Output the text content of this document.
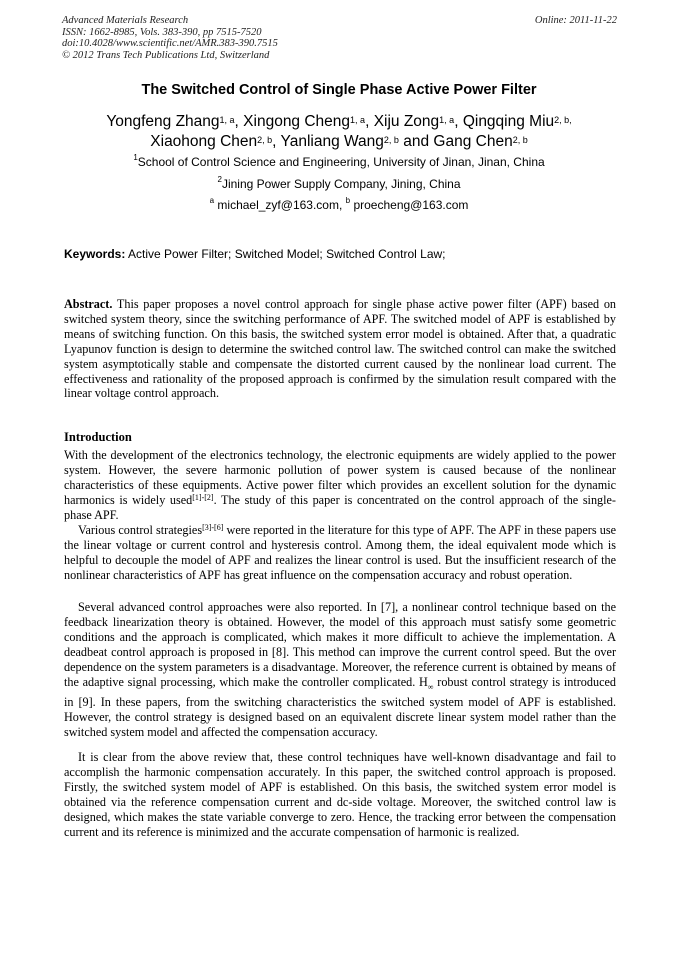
Advanced Materials Research
ISSN: 1662-8985, Vols. 383-390, pp 7515-7520
doi:10.4028/www.scientific.net/AMR.383-390.7515
© 2012 Trans Tech Publications Ltd, Switzerland
Online: 2011-11-22
The Switched Control of Single Phase Active Power Filter
Yongfeng Zhang$^{1, a}$, Xingong Cheng$^{1, a}$, Xiju Zong$^{1, a}$, Qingqing Miu$^{2, b,}$
Xiaohong Chen$^{2, b}$, Yanliang Wang$^{2, b}$ and Gang Chen$^{2, b}$
$^1$School of Control Science and Engineering, University of Jinan, Jinan, China
$^2$Jining Power Supply Company, Jining, China
$^a$ michael_zyf@163.com, $^b$ proecheng@163.com
Keywords: Active Power Filter; Switched Model; Switched Control Law;
Abstract. This paper proposes a novel control approach for single phase active power filter (APF) based on switched system theory, since the switching performance of APF. The switched model of APF is established by means of switching function. On this basis, the switched system error model is obtained. After that, a quadratic Lyapunov function is design to determine the switched control law. The switched control can make the switched system asymptotically stable and compensate the distorted current caused by the nonlinear load current. The effectiveness and rationality of the proposed approach is confirmed by the simulation result compared with the linear voltage control approach.
Introduction
With the development of the electronics technology, the electronic equipments are widely applied to the power system. However, the severe harmonic pollution of power system is caused because of the nonlinear characteristics of these equipments. Active power filter which provides an excellent solution for the dynamic harmonics is widely used[1]-[2]. The study of this paper is concentrated on the control approach of the single-phase APF.
Various control strategies[3]-[6] were reported in the literature for this type of APF. The APF in these papers use the linear voltage or current control and hysteresis control. Among them, the ideal equivalent mode which is helpful to decouple the model of APF and realizes the linear control is used. But the insufficient research of the nonlinear characteristics of APF has great influence on the compensation accuracy and robust operation.
Several advanced control approaches were also reported. In [7], a nonlinear control technique based on the feedback linearization theory is obtained. However, the model of this approach must satisfy some geometric conditions and the approach is complicated, which makes it more difficult to achieve the implementation. A deadbeat control approach is proposed in [8]. This method can improve the current control speed. But the over dependence on the system parameters is a disadvantage. Moreover, the reference current is obtained by means of the adaptive signal processing, which make the controller complicated. $H_\infty$ robust control strategy is introduced in [9]. In these papers, from the switching characteristics the switched system model of APF is established. However, the control strategy is designed based on an equivalent discrete linear system model rather than the switched system model and affected the compensation accuracy.
It is clear from the above review that, these control techniques have well-known disadvantage and fail to accomplish the harmonic compensation accurately. In this paper, the switched control approach is proposed. Firstly, the switched system model of APF is established. On this basis, the switched system error model is obtained via the reference compensation current and dc-side voltage. Moreover, the switched control law is designed, which makes the state variable converge to zero. Hence, the tracking error between the compensation current and its reference is minimized and the accurate compensation of harmonic is realized.
